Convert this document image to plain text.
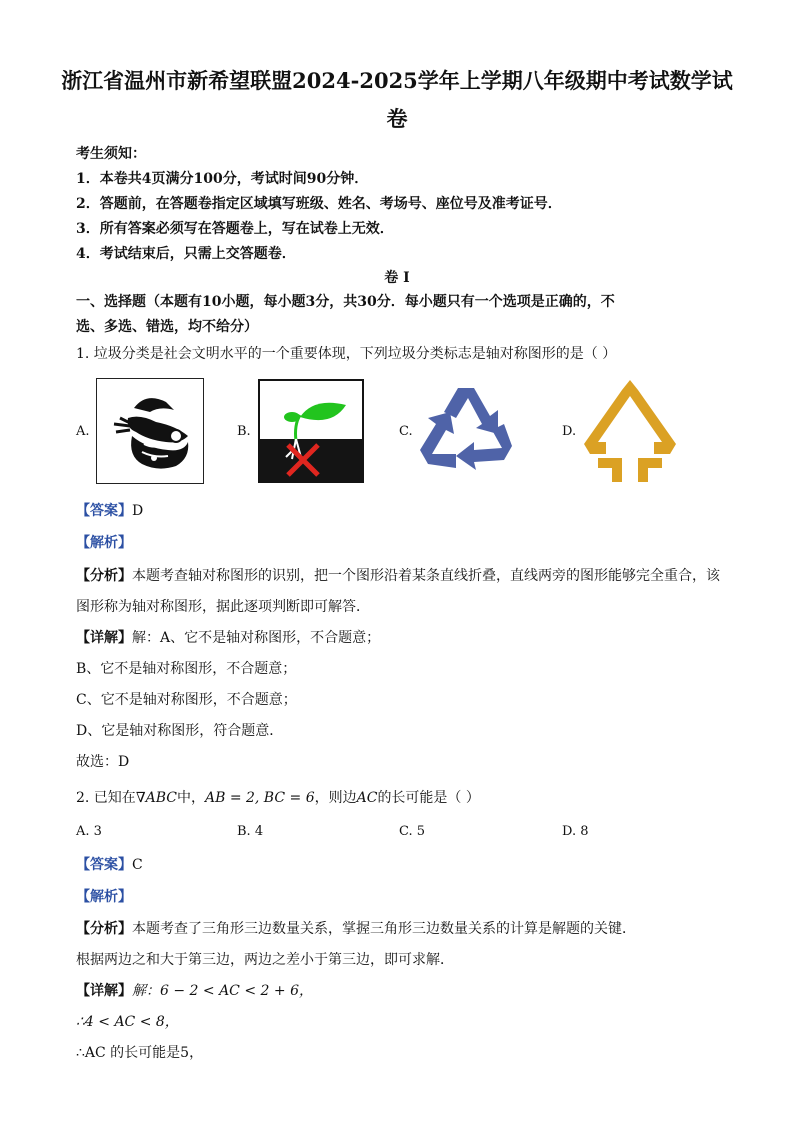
浙江省温州市新希望联盟2024-2025学年上学期八年级期中考试数学试卷

考生须知：

1．本卷共4页满分100分，考试时间90分钟．

2．答题前，在答题卷指定区域填写班级、姓名、考场号、座位号及准考证号．

3．所有答案必须写在答题卷上，写在试卷上无效．

4．考试结束后，只需上交答题卷．

卷 I

一、选择题（本题有10小题，每小题3分，共30分．每小题只有一个选项是正确的，不

选、多选、错选，均不给分）

1. 垃圾分类是社会文明水平的一个重要体现，下列垃圾分类标志是轴对称图形的是（ ）

A.	B.	C.	D.

【答案】D

【解析】

【分析】本题考查轴对称图形的识别，把一个图形沿着某条直线折叠，直线两旁的图形能够完全重合，该

图形称为轴对称图形，据此逐项判断即可解答．

【详解】解：A、它不是轴对称图形，不合题意；

B、它不是轴对称图形，不合题意；

C、它不是轴对称图形，不合题意；

D、它是轴对称图形，符合题意．

故选：D

2. 已知在∇ABC中，AB = 2, BC = 6，则边AC的长可能是（ ）

A. 3	B. 4	C. 5	D. 8

【答案】C

【解析】

【分析】本题考查了三角形三边数量关系，掌握三角形三边数量关系的计算是解题的关键．

根据两边之和大于第三边，两边之差小于第三边，即可求解．

【详解】解：6 − 2 < AC < 2 + 6，

∴4 < AC < 8，

∴AC 的长可能是5，
